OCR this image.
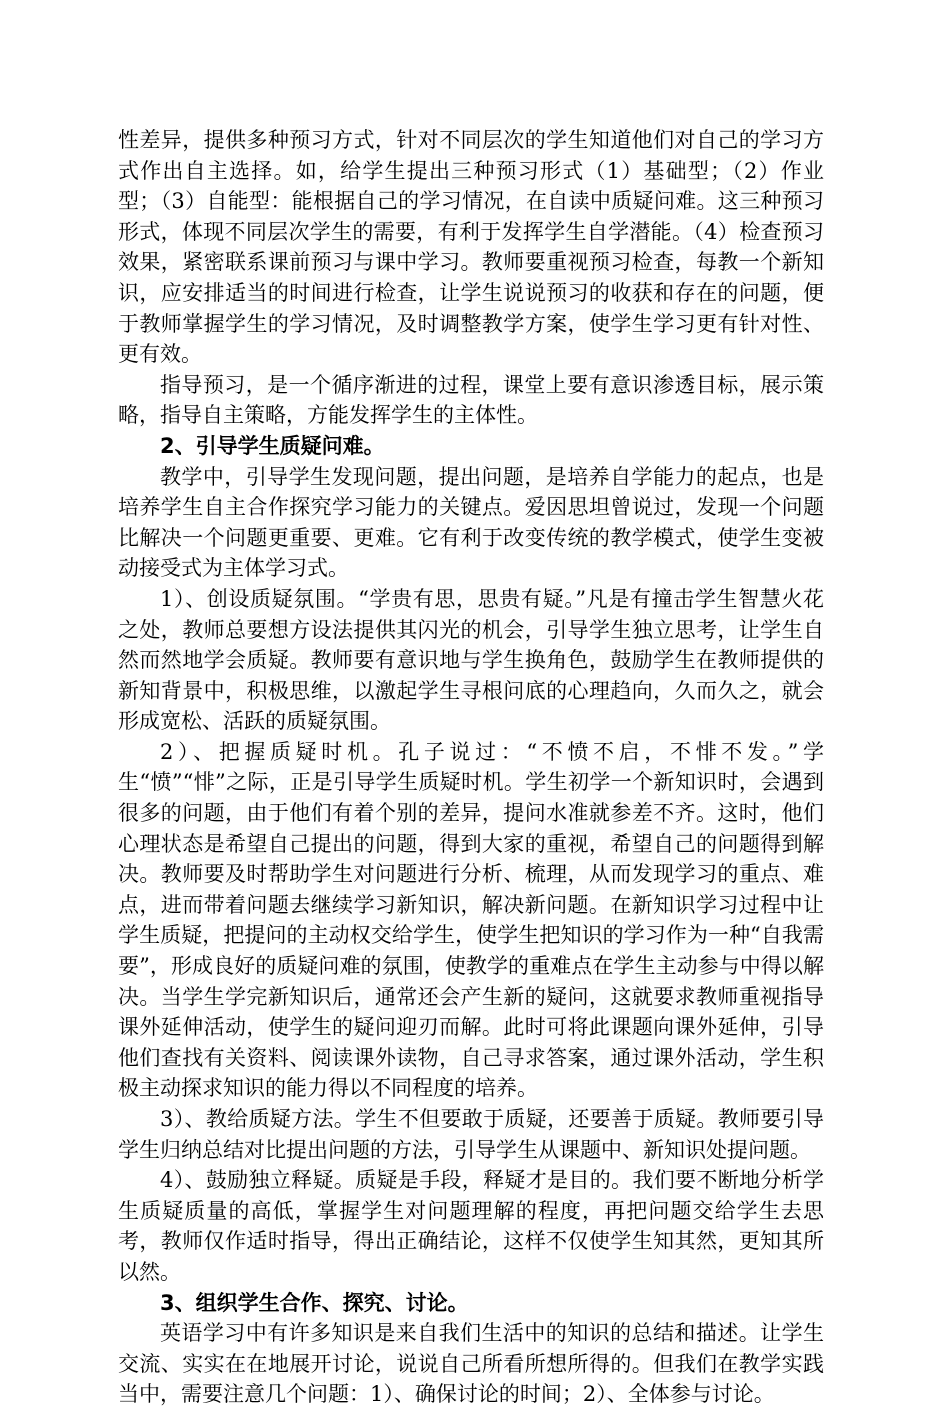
性差异，提供多种预习方式，针对不同层次的学生知道他们对自己的学习方式作出自主选择。如，给学生提出三种预习形式（1）基础型；（2）作业型；（3）自能型：能根据自己的学习情况，在自读中质疑问难。这三种预习形式，体现不同层次学生的需要，有利于发挥学生自学潜能。（4）检查预习效果，紧密联系课前预习与课中学习。教师要重视预习检查，每教一个新知识，应安排适当的时间进行检查，让学生说说预习的收获和存在的问题，便于教师掌握学生的学习情况，及时调整教学方案，使学生学习更有针对性、更有效。

指导预习，是一个循序渐进的过程，课堂上要有意识渗透目标，展示策略，指导自主策略，方能发挥学生的主体性。

2、引导学生质疑问难。

教学中，引导学生发现问题，提出问题，是培养自学能力的起点，也是培养学生自主合作探究学习能力的关键点。爱因思坦曾说过，发现一个问题比解决一个问题更重要、更难。它有利于改变传统的教学模式，使学生变被动接受式为主体学习式。

1）、创设质疑氛围。“学贵有思，思贵有疑。”凡是有撞击学生智慧火花之处，教师总要想方设法提供其闪光的机会，引导学生独立思考，让学生自然而然地学会质疑。教师要有意识地与学生换角色，鼓励学生在教师提供的新知背景中，积极思维，以激起学生寻根问底的心理趋向，久而久之，就会形成宽松、活跃的质疑氛围。

2）、把握质疑时机。孔子说过：“不愤不启，不悱不发。”学生“愤”“悱”之际，正是引导学生质疑时机。学生初学一个新知识时，会遇到很多的问题，由于他们有着个别的差异，提问水准就参差不齐。这时，他们心理状态是希望自己提出的问题，得到大家的重视，希望自己的问题得到解决。教师要及时帮助学生对问题进行分析、梳理，从而发现学习的重点、难点，进而带着问题去继续学习新知识，解决新问题。在新知识学习过程中让学生质疑，把提问的主动权交给学生，使学生把知识的学习作为一种“自我需要”，形成良好的质疑问难的氛围，使教学的重难点在学生主动参与中得以解决。当学生学完新知识后，通常还会产生新的疑问，这就要求教师重视指导课外延伸活动，使学生的疑问迎刃而解。此时可将此课题向课外延伸，引导他们查找有关资料、阅读课外读物，自己寻求答案，通过课外活动，学生积极主动探求知识的能力得以不同程度的培养。

3）、教给质疑方法。学生不但要敢于质疑，还要善于质疑。教师要引导学生归纳总结对比提出问题的方法，引导学生从课题中、新知识处提问题。

4）、鼓励独立释疑。质疑是手段，释疑才是目的。我们要不断地分析学生质疑质量的高低，掌握学生对问题理解的程度，再把问题交给学生去思考，教师仅作适时指导，得出正确结论，这样不仅使学生知其然，更知其所以然。

3、组织学生合作、探究、讨论。

英语学习中有许多知识是来自我们生活中的知识的总结和描述。让学生交流、实实在在地展开讨论，说说自己所看所想所得的。但我们在教学实践当中，需要注意几个问题：1）、确保讨论的时间；2）、全体参与讨论。
